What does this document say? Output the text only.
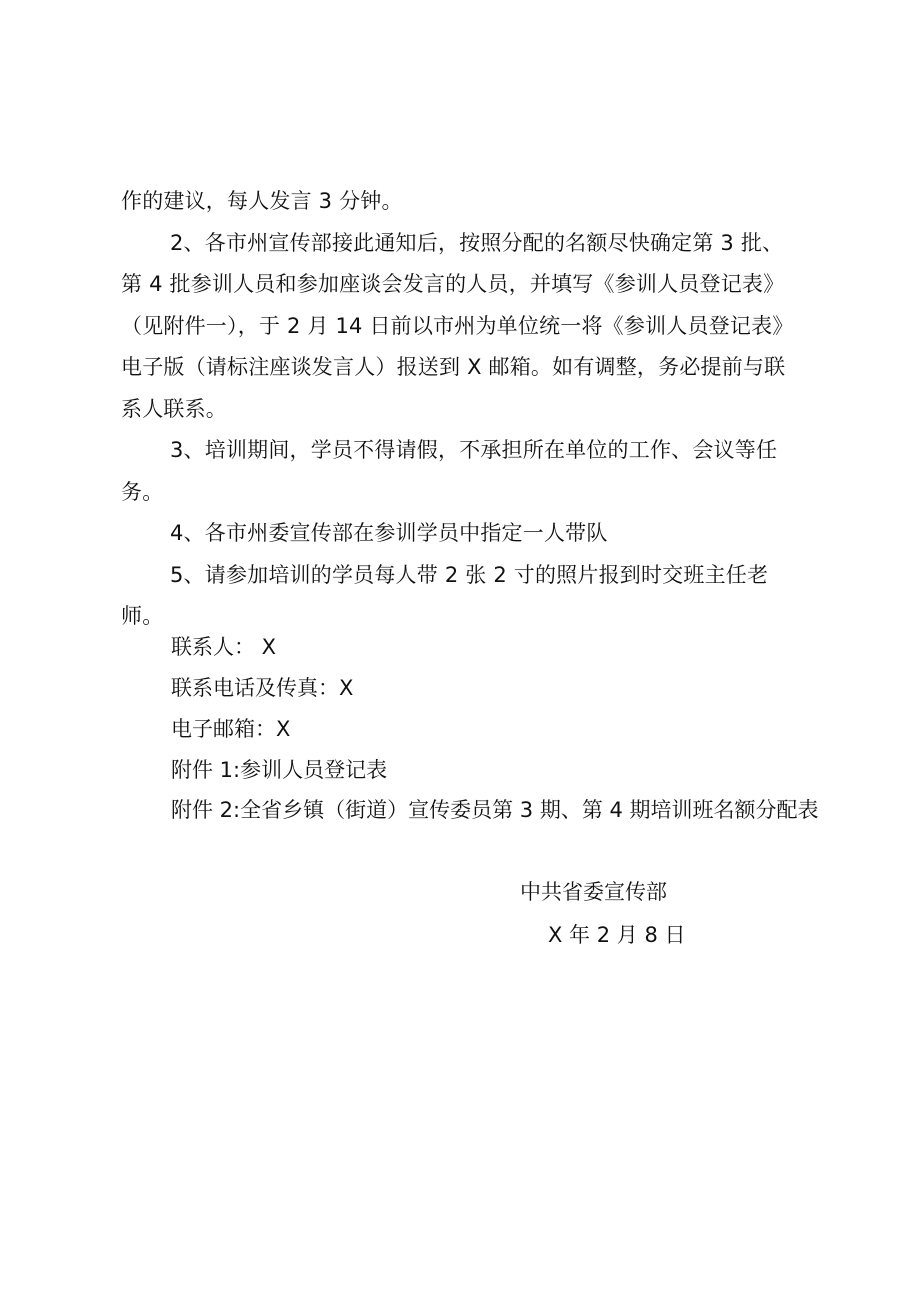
作的建议，每人发言 3 分钟。

2、各市州宣传部接此通知后，按照分配的名额尽快确定第 3 批、第 4 批参训人员和参加座谈会发言的人员，并填写《参训人员登记表》（见附件一），于 2 月 14 日前以市州为单位统一将《参训人员登记表》电子版（请标注座谈发言人）报送到 X 邮箱。如有调整，务必提前与联系人联系。

3、培训期间，学员不得请假，不承担所在单位的工作、会议等任务。

4、各市州委宣传部在参训学员中指定一人带队

5、请参加培训的学员每人带 2 张 2 寸的照片报到时交班主任老师。

联系人： X
联系电话及传真：X
电子邮箱：X
附件 1:参训人员登记表
附件 2:全省乡镇（街道）宣传委员第 3 期、第 4 期培训班名额分配表
中共省委宣传部
X 年 2 月 8 日
